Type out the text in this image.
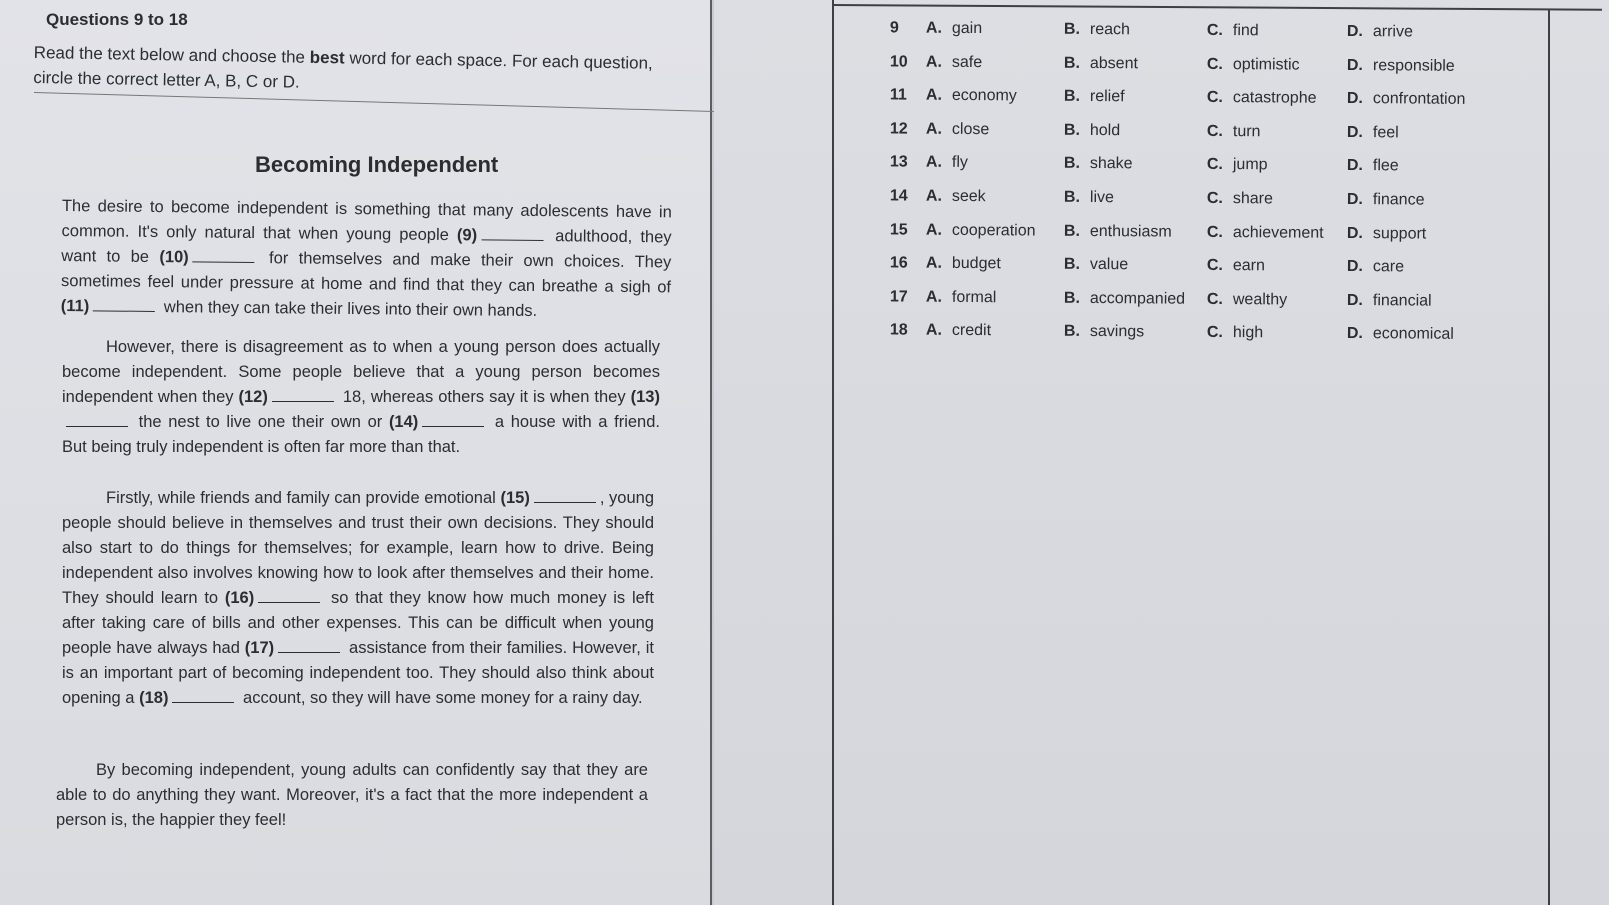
Questions 9 to 18
Read the text below and choose the best word for each space. For each question,
circle the correct letter A, B, C or D.
Becoming Independent
The desire to become independent is something that many adolescents have in common. It's only natural that when young people (9)	adulthood, they want to be (10)	for themselves and make their own choices. They sometimes feel under pressure at home and find that they can breathe a sigh of (11)	when they can take their lives into their own hands.
However, there is disagreement as to when a young person does actually become independent. Some people believe that a young person becomes independent when they (12)	18, whereas others say it is when they (13) the nest to live one their own or (14)	a house with a friend. But being truly independent is often far more than that.
Firstly, while friends and family can provide emotional (15)	, young people should believe in themselves and trust their own decisions. They should also start to do things for themselves; for example, learn how to drive. Being independent also involves knowing how to look after themselves and their home. They should learn to (16)	so that they know how much money is left after taking care of bills and other expenses. This can be difficult when young people have always had (17)	assistance from their families. However, it is an important part of becoming independent too. They should also think about opening a (18)	account, so they will have some money for a rainy day.
By becoming independent, young adults can confidently say that they are able to do anything they want. Moreover, it's a fact that the more independent a person is, the happier they feel!
9 A. gain	B. reach	C. find	D. arrive
10 A. safe	B. absent	C. optimistic	D. responsible
11 A. economy	B. relief	C. catastrophe D. confrontation
12 A. close	B. hold	C. turn	D. feel
13 A. fly	B. shake	C. jump	D. flee
14 A. seek	B. live	C. share	D. finance
15 A. cooperation B. enthusiasm C. achievement D. support
16 A. budget	B. value	C. earn	D. care
17 A. formal	B. accompanied C. wealthy	D. financial
18 A. credit	B. savings	C. high	D. economical
